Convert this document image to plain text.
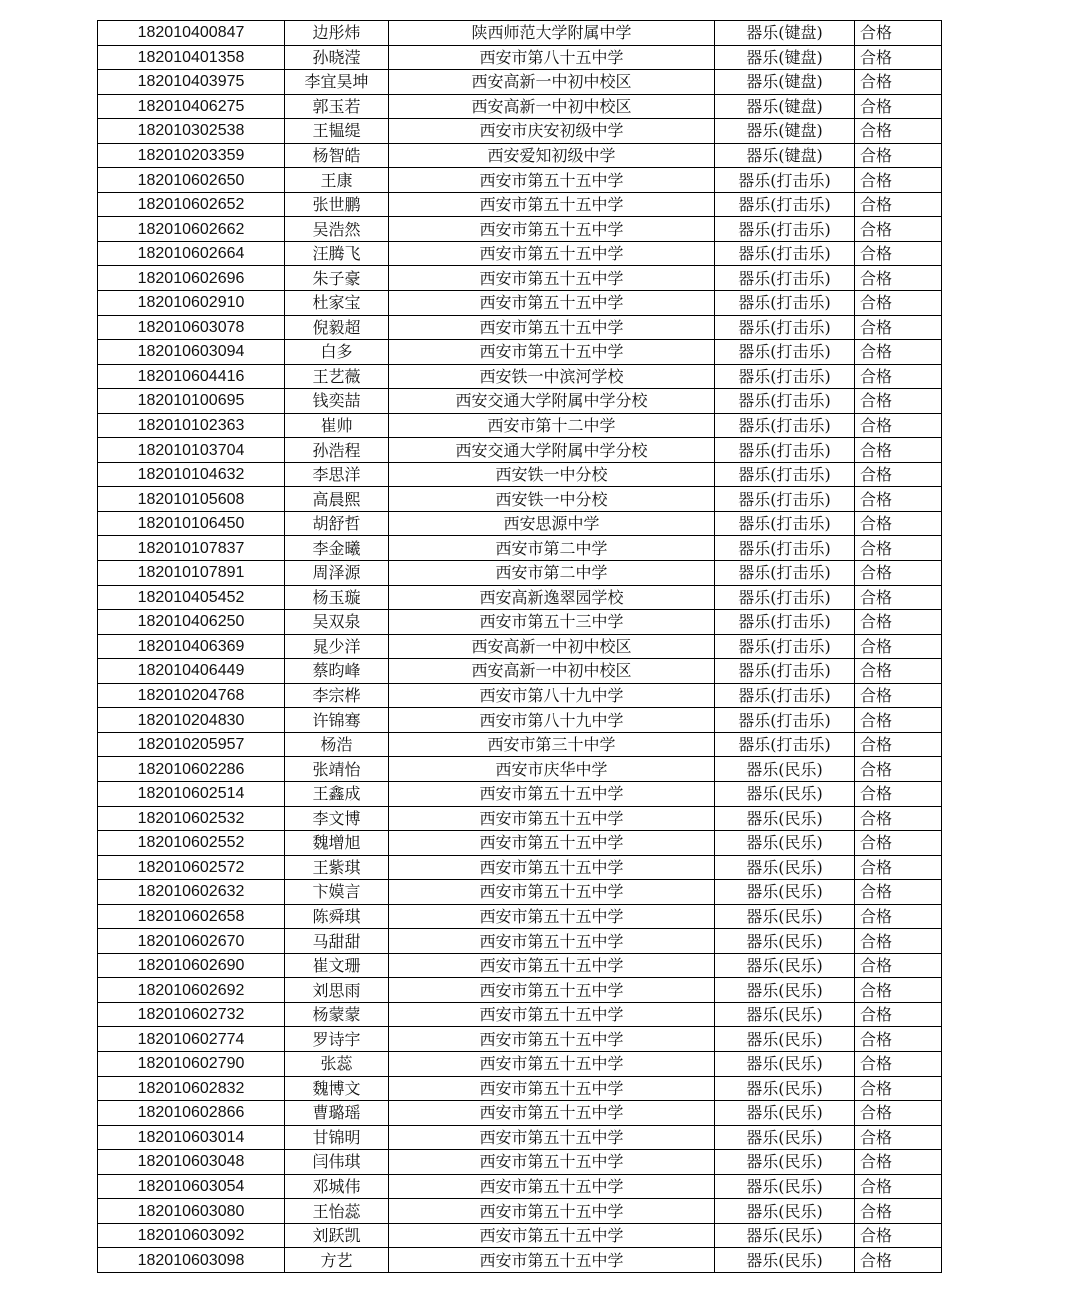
182010400847	边彤炜	陕西师范大学附属中学	器乐(键盘)	合格
182010401358	孙晓滢	西安市第八十五中学	器乐(键盘)	合格
182010403975	李宜昊坤	西安高新一中初中校区	器乐(键盘)	合格
182010406275	郭玉若	西安高新一中初中校区	器乐(键盘)	合格
182010302538	王韫缇	西安市庆安初级中学	器乐(键盘)	合格
182010203359	杨智皓	西安爱知初级中学	器乐(键盘)	合格
182010602650	王康	西安市第五十五中学	器乐(打击乐)	合格
182010602652	张世鹏	西安市第五十五中学	器乐(打击乐)	合格
182010602662	吴浩然	西安市第五十五中学	器乐(打击乐)	合格
182010602664	汪腾飞	西安市第五十五中学	器乐(打击乐)	合格
182010602696	朱子豪	西安市第五十五中学	器乐(打击乐)	合格
182010602910	杜家宝	西安市第五十五中学	器乐(打击乐)	合格
182010603078	倪毅超	西安市第五十五中学	器乐(打击乐)	合格
182010603094	白多	西安市第五十五中学	器乐(打击乐)	合格
182010604416	王艺薇	西安铁一中滨河学校	器乐(打击乐)	合格
182010100695	钱奕喆	西安交通大学附属中学分校	器乐(打击乐)	合格
182010102363	崔帅	西安市第十二中学	器乐(打击乐)	合格
182010103704	孙浩程	西安交通大学附属中学分校	器乐(打击乐)	合格
182010104632	李思洋	西安铁一中分校	器乐(打击乐)	合格
182010105608	高晨熙	西安铁一中分校	器乐(打击乐)	合格
182010106450	胡舒哲	西安思源中学	器乐(打击乐)	合格
182010107837	李金曦	西安市第二中学	器乐(打击乐)	合格
182010107891	周泽源	西安市第二中学	器乐(打击乐)	合格
182010405452	杨玉璇	西安高新逸翠园学校	器乐(打击乐)	合格
182010406250	吴双泉	西安市第五十三中学	器乐(打击乐)	合格
182010406369	晁少洋	西安高新一中初中校区	器乐(打击乐)	合格
182010406449	蔡昀峰	西安高新一中初中校区	器乐(打击乐)	合格
182010204768	李宗桦	西安市第八十九中学	器乐(打击乐)	合格
182010204830	许锦骞	西安市第八十九中学	器乐(打击乐)	合格
182010205957	杨浩	西安市第三十中学	器乐(打击乐)	合格
182010602286	张靖怡	西安市庆华中学	器乐(民乐)	合格
182010602514	王鑫成	西安市第五十五中学	器乐(民乐)	合格
182010602532	李文博	西安市第五十五中学	器乐(民乐)	合格
182010602552	魏增旭	西安市第五十五中学	器乐(民乐)	合格
182010602572	王紫琪	西安市第五十五中学	器乐(民乐)	合格
182010602632	卞嫫言	西安市第五十五中学	器乐(民乐)	合格
182010602658	陈舜琪	西安市第五十五中学	器乐(民乐)	合格
182010602670	马甜甜	西安市第五十五中学	器乐(民乐)	合格
182010602690	崔文珊	西安市第五十五中学	器乐(民乐)	合格
182010602692	刘思雨	西安市第五十五中学	器乐(民乐)	合格
182010602732	杨蒙蒙	西安市第五十五中学	器乐(民乐)	合格
182010602774	罗诗宇	西安市第五十五中学	器乐(民乐)	合格
182010602790	张蕊	西安市第五十五中学	器乐(民乐)	合格
182010602832	魏博文	西安市第五十五中学	器乐(民乐)	合格
182010602866	曹璐瑶	西安市第五十五中学	器乐(民乐)	合格
182010603014	甘锦明	西安市第五十五中学	器乐(民乐)	合格
182010603048	闫伟琪	西安市第五十五中学	器乐(民乐)	合格
182010603054	邓城伟	西安市第五十五中学	器乐(民乐)	合格
182010603080	王怡蕊	西安市第五十五中学	器乐(民乐)	合格
182010603092	刘跃凯	西安市第五十五中学	器乐(民乐)	合格
182010603098	方艺	西安市第五十五中学	器乐(民乐)	合格
